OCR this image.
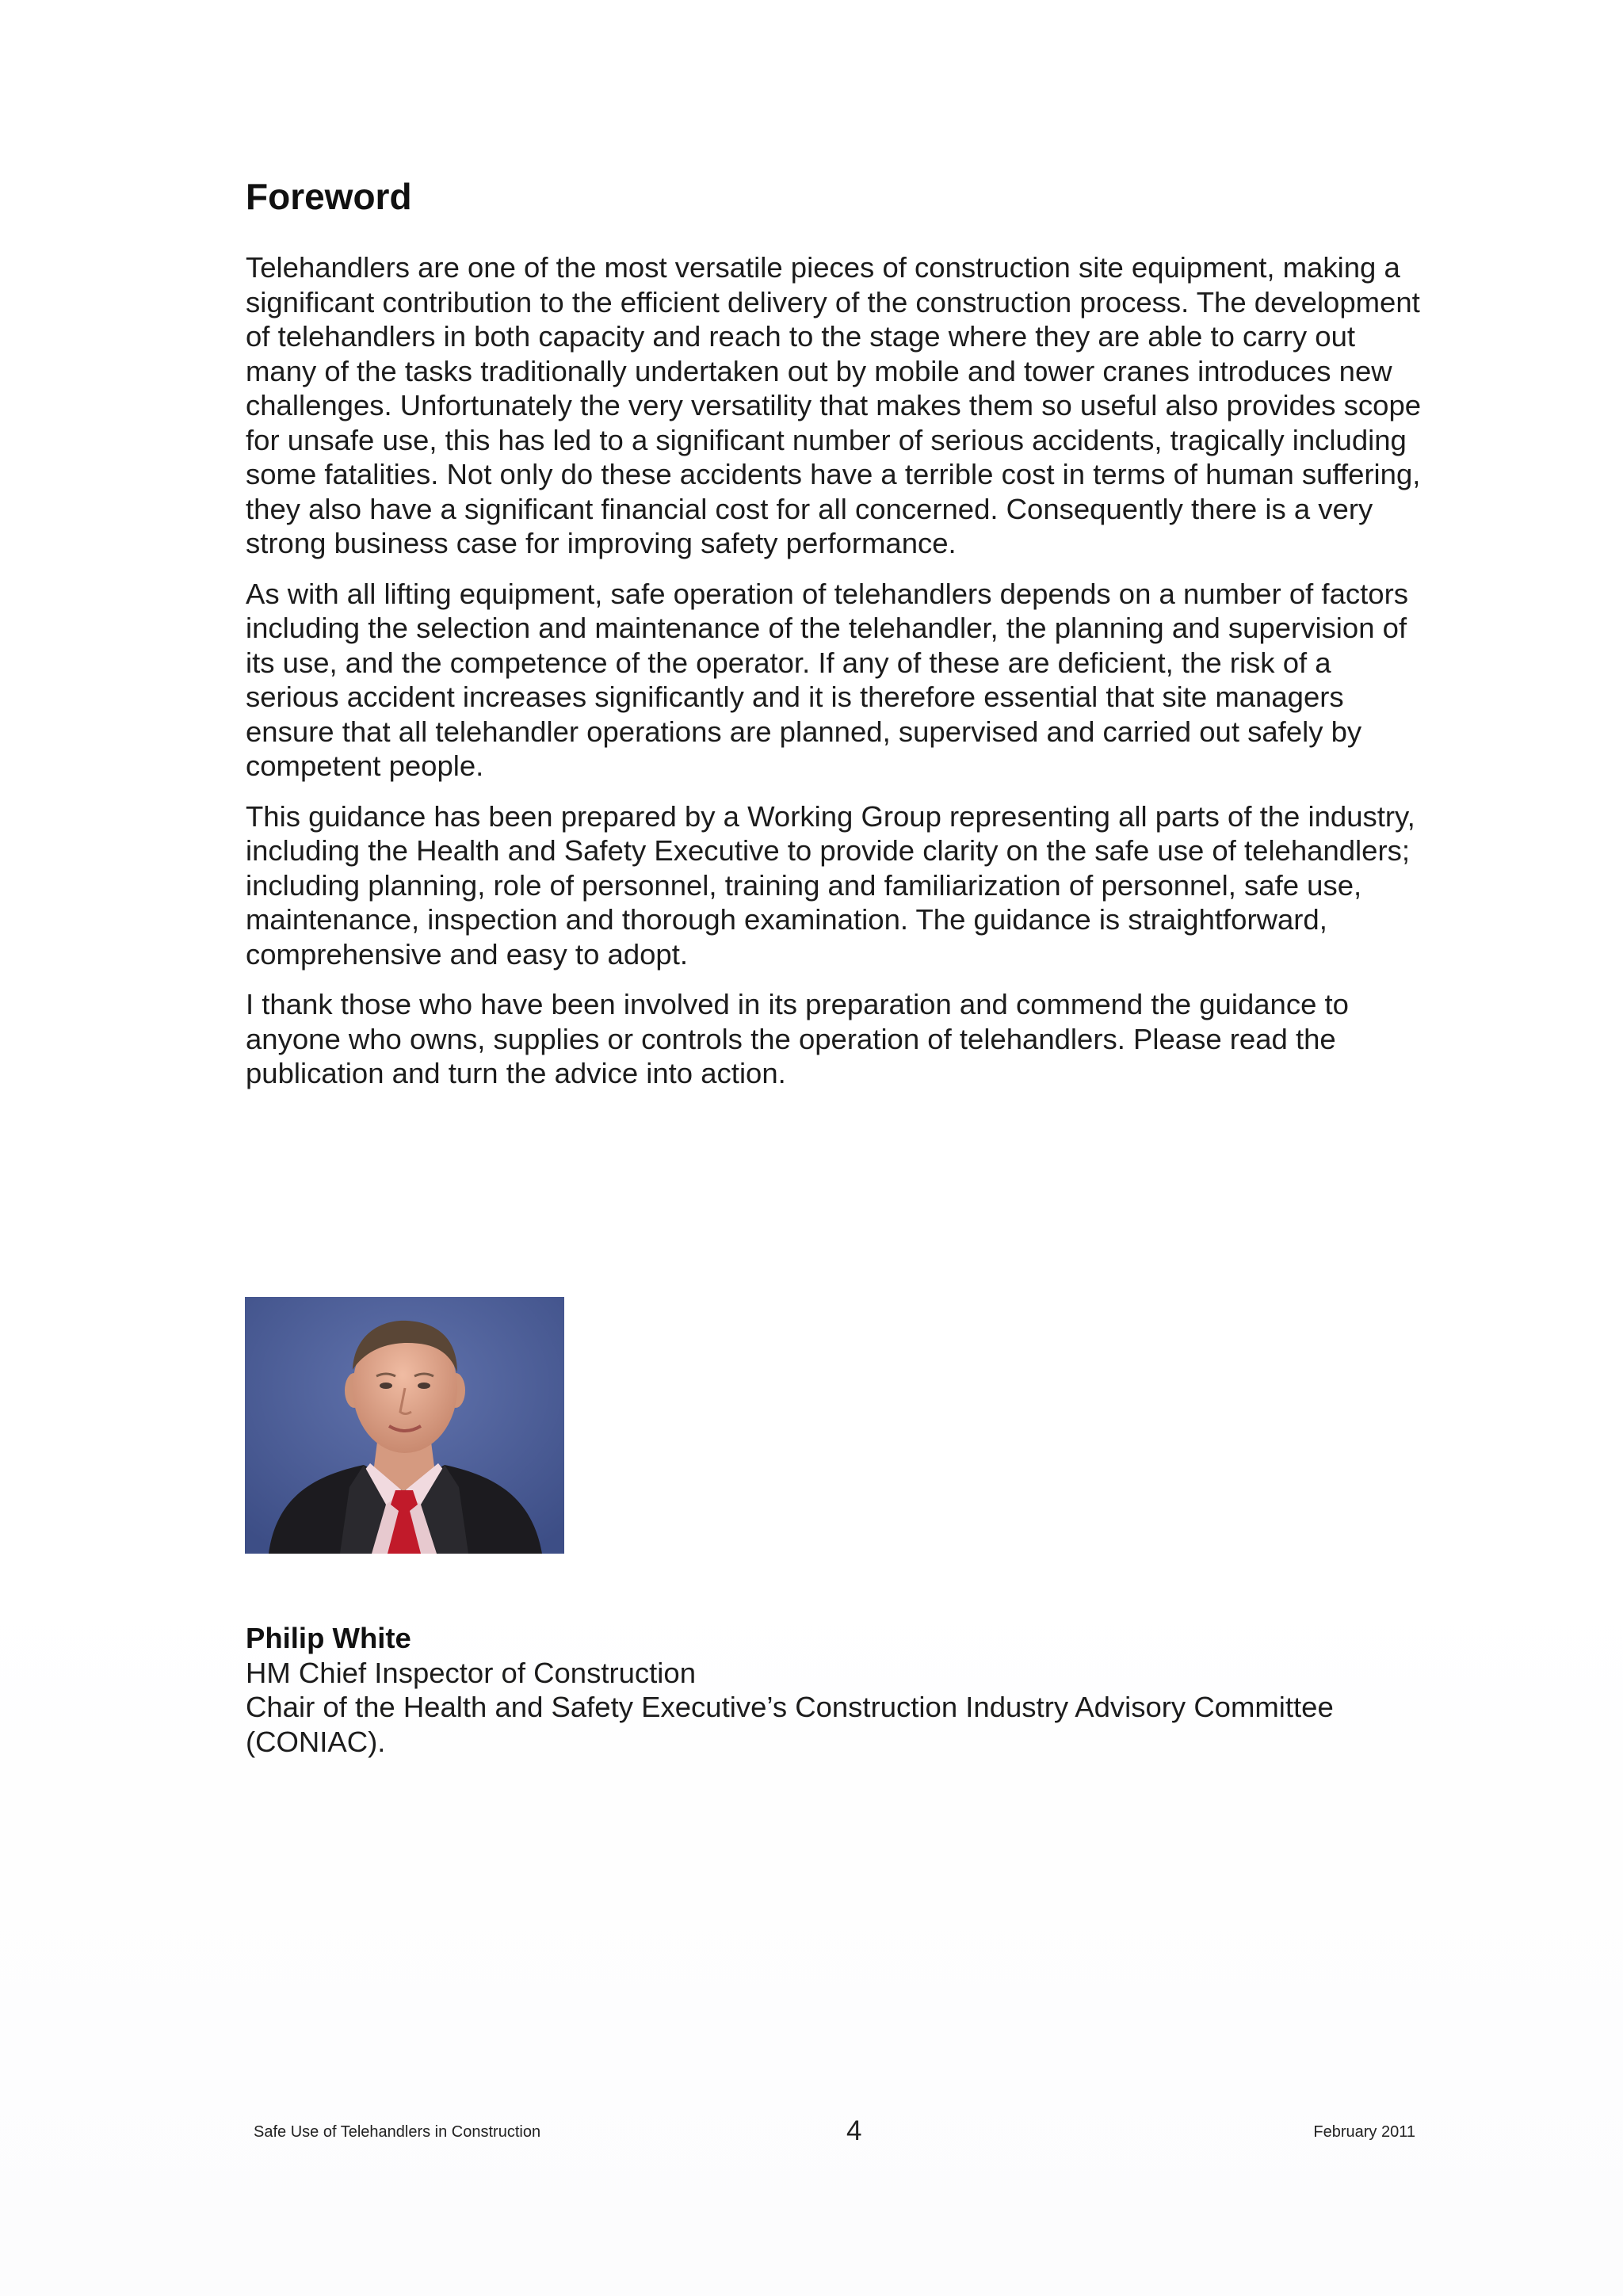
Foreword

Telehandlers are one of the most versatile pieces of construction site equipment, making a significant contribution to the efficient delivery of the construction process. The development of telehandlers in both capacity and reach to the stage where they are able to carry out many of the tasks traditionally undertaken out by mobile and tower cranes introduces new challenges. Unfortunately the very versatility that makes them so useful also provides scope for unsafe use, this has led to a significant number of serious accidents, tragically including some fatalities. Not only do these accidents have a terrible cost in terms of human suffering, they also have a significant financial cost for all concerned. Consequently there is a very strong business case for improving safety performance.

As with all lifting equipment, safe operation of telehandlers depends on a number of factors including the selection and maintenance of the telehandler, the planning and supervision of its use, and the competence of the operator. If any of these are deficient, the risk of a serious accident increases significantly and it is therefore essential that site managers ensure that all telehandler operations are planned, supervised and carried out safely by competent people.

This guidance has been prepared by a Working Group representing all parts of the industry, including the Health and Safety Executive to provide clarity on the safe use of telehandlers; including planning, role of personnel, training and familiarization of personnel, safe use, maintenance, inspection and thorough examination. The guidance is straightforward, comprehensive and easy to adopt.

I thank those who have been involved in its preparation and commend the guidance to anyone who owns, supplies or controls the operation of telehandlers. Please read the publication and turn the advice into action.

Philip White
HM Chief Inspector of Construction
Chair of the Health and Safety Executive’s Construction Industry Advisory Committee
(CONIAC).
Safe Use of Telehandlers in Construction	4	February 2011
